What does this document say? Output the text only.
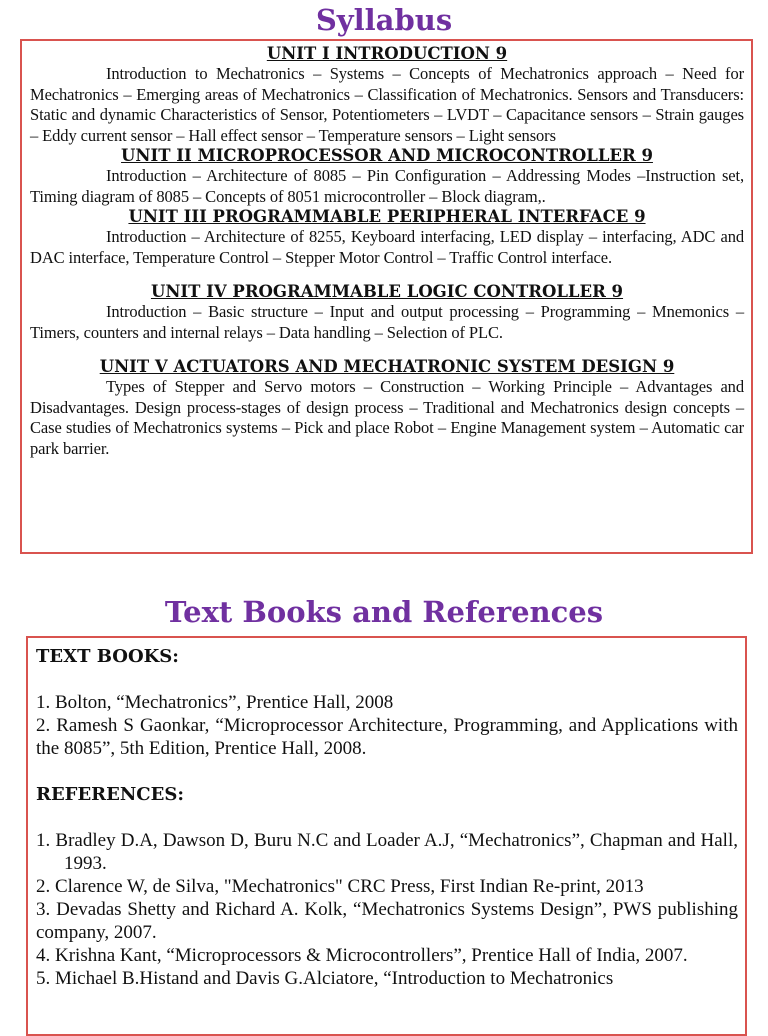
Syllabus

UNIT I INTRODUCTION 9

Introduction to Mechatronics – Systems – Concepts of Mechatronics approach – Need for Mechatronics – Emerging areas of Mechatronics – Classification of Mechatronics. Sensors and Transducers: Static and dynamic Characteristics of Sensor, Potentiometers – LVDT – Capacitance sensors – Strain gauges – Eddy current sensor – Hall effect sensor – Temperature sensors – Light sensors

UNIT II MICROPROCESSOR AND MICROCONTROLLER 9

Introduction – Architecture of 8085 – Pin Configuration – Addressing Modes –Instruction set, Timing diagram of 8085 – Concepts of 8051 microcontroller – Block diagram,.

UNIT III PROGRAMMABLE PERIPHERAL INTERFACE 9

Introduction – Architecture of 8255, Keyboard interfacing, LED display – interfacing, ADC and DAC interface, Temperature Control – Stepper Motor Control – Traffic Control interface.

UNIT IV PROGRAMMABLE LOGIC CONTROLLER 9

Introduction – Basic structure – Input and output processing – Programming – Mnemonics – Timers, counters and internal relays – Data handling – Selection of PLC.

UNIT V ACTUATORS AND MECHATRONIC SYSTEM DESIGN 9

Types of Stepper and Servo motors – Construction – Working Principle – Advantages and Disadvantages. Design process-stages of design process – Traditional and Mechatronics design concepts – Case studies of Mechatronics systems – Pick and place Robot – Engine Management system – Automatic car park barrier.

Text Books and References

TEXT BOOKS:

1. Bolton, “Mechatronics”, Prentice Hall, 2008

2. Ramesh S Gaonkar, “Microprocessor Architecture, Programming, and Applications with the 8085”, 5th Edition, Prentice Hall, 2008.

REFERENCES:

1. Bradley D.A, Dawson D, Buru N.C and Loader A.J, “Mechatronics”, Chapman and Hall, 1993.

2. Clarence W, de Silva, "Mechatronics" CRC Press, First Indian Re-print, 2013

3. Devadas Shetty and Richard A. Kolk, “Mechatronics Systems Design”, PWS publishing company, 2007.

4. Krishna Kant, “Microprocessors & Microcontrollers”, Prentice Hall of India, 2007.

5. Michael B.Histand and Davis G.Alciatore, “Introduction to Mechatronics
